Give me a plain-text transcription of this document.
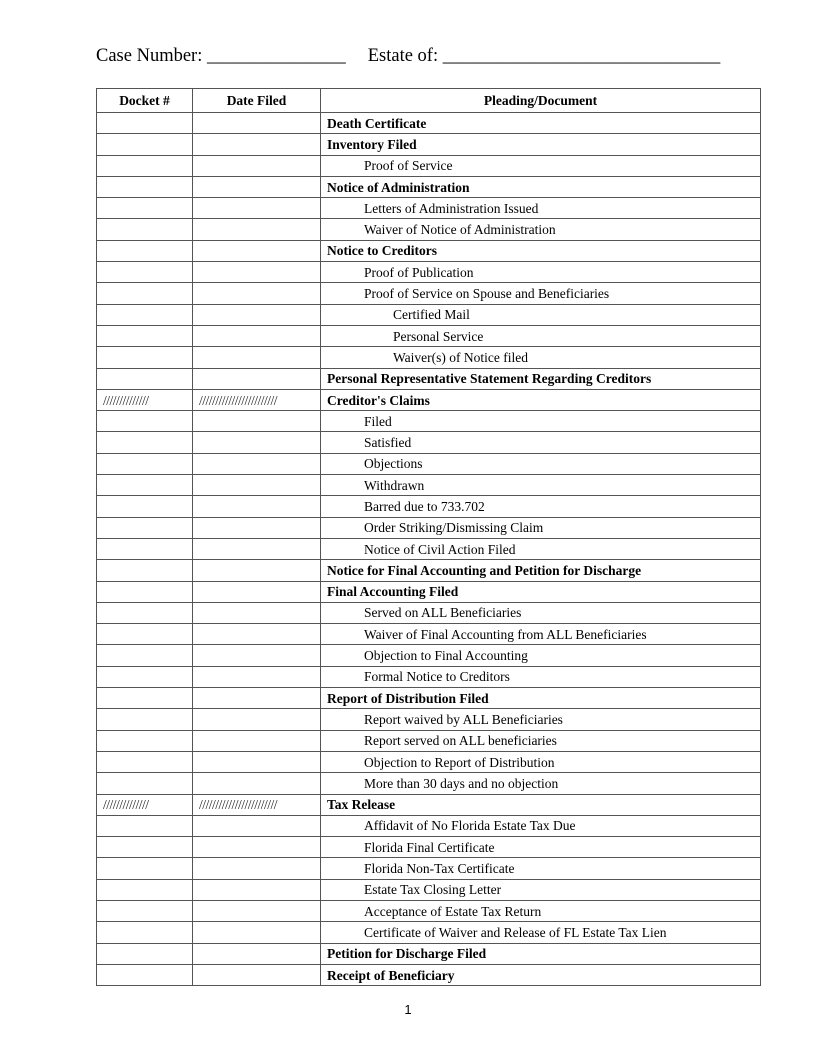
Case Number: _______________ Estate of: ______________________________
Docket #	Date Filed	Pleading/Document
		Death Certificate
		Inventory Filed
		Proof of Service
		Notice of Administration
		Letters of Administration Issued
		Waiver of Notice of Administration
		Notice to Creditors
		Proof of Publication
		Proof of Service on Spouse and Beneficiaries
		Certified Mail
		Personal Service
		Waiver(s) of Notice filed
		Personal Representative Statement Regarding Creditors
//////////////	////////////////////////	Creditor's Claims
		Filed
		Satisfied
		Objections
		Withdrawn
		Barred due to 733.702
		Order Striking/Dismissing Claim
		Notice of Civil Action Filed
		Notice for Final Accounting and Petition for Discharge
		Final Accounting Filed
		Served on ALL Beneficiaries
		Waiver of Final Accounting from ALL Beneficiaries
		Objection to Final Accounting
		Formal Notice to Creditors
		Report of Distribution Filed
		Report waived by ALL Beneficiaries
		Report served on ALL beneficiaries
		Objection to Report of Distribution
		More than 30 days and no objection
//////////////	////////////////////////	Tax Release
		Affidavit of No Florida Estate Tax Due
		Florida Final Certificate
		Florida Non-Tax Certificate
		Estate Tax Closing Letter
		Acceptance of Estate Tax Return
		Certificate of Waiver and Release of FL Estate Tax Lien
		Petition for Discharge Filed
		Receipt of Beneficiary
1
